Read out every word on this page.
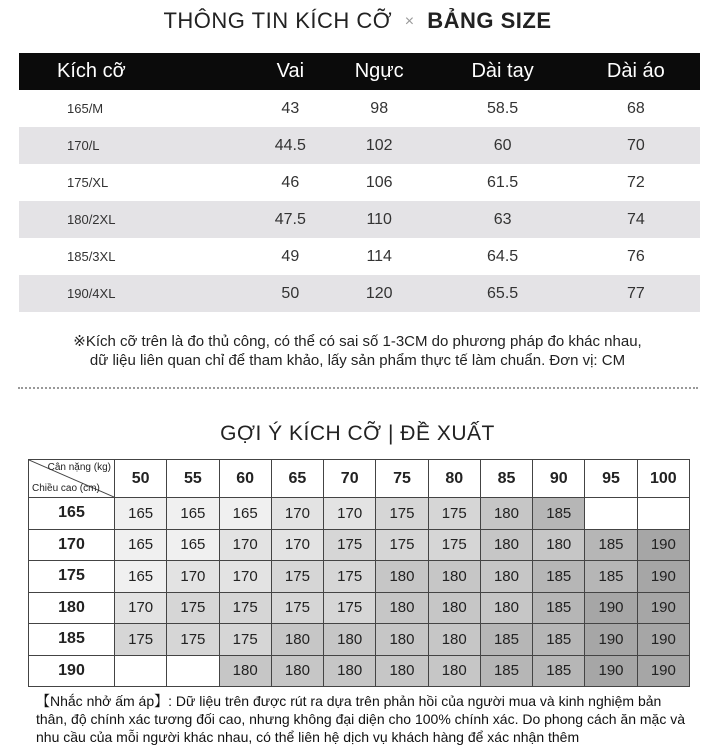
THÔNG TIN KÍCH CỠ × BẢNG SIZE
Kích cỡ	Vai	Ngực	Dài tay	Dài áo
165/M	43	98	58.5	68
170/L	44.5	102	60	70
175/XL	46	106	61.5	72
180/2XL	47.5	110	63	74
185/3XL	49	114	64.5	76
190/4XL	50	120	65.5	77
※Kích cỡ trên là đo thủ công, có thể có sai số 1-3CM do phương pháp đo khác nhau,
dữ liệu liên quan chỉ để tham khảo, lấy sản phẩm thực tế làm chuẩn. Đơn vị: CM
GỢI Ý KÍCH CỠ | ĐỀ XUẤT
Cân nặng (kg)
Chiều cao (cm)	50	55	60	65	70	75	80	85	90	95	100
165	165	165	165	170	170	175	175	180	185		
170	165	165	170	170	175	175	175	180	180	185	190
175	165	170	170	175	175	180	180	180	185	185	190
180	170	175	175	175	175	180	180	180	185	190	190
185	175	175	175	180	180	180	180	185	185	190	190
190			180	180	180	180	180	185	185	190	190
【Nhắc nhở ấm áp】: Dữ liệu trên được rút ra dựa trên phản hồi của người mua và kinh nghiệm bản thân, độ chính xác tương đối cao, nhưng không đại diện cho 100% chính xác. Do phong cách ăn mặc và nhu cầu của mỗi người khác nhau, có thể liên hệ dịch vụ khách hàng để xác nhận thêm
